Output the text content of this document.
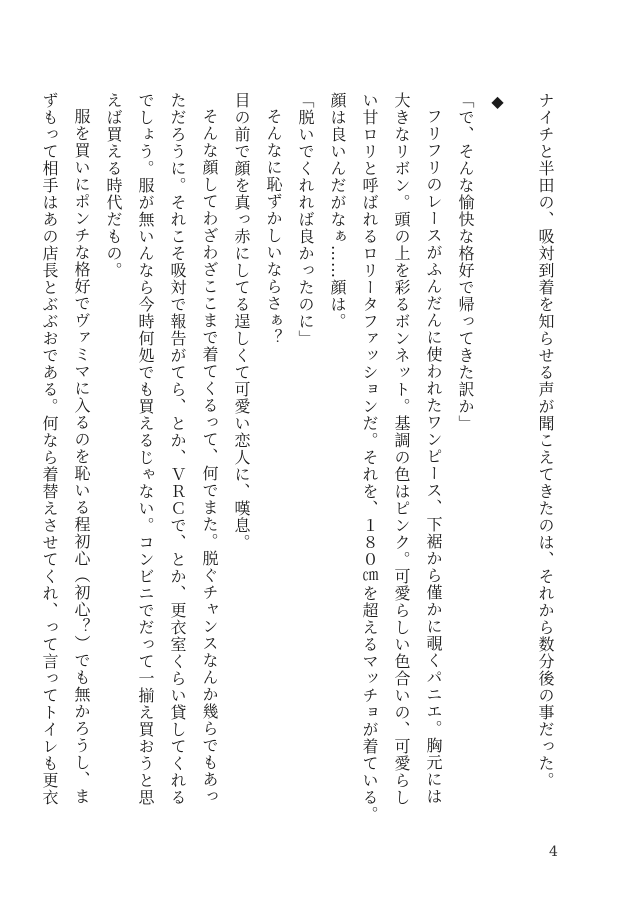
ナイチと半田の、吸対到着を知らせる声が聞こえてきたのは、それから数分後の事だった。
◆
「で、そんな愉快な格好で帰ってきた訳か」
フリフリのレースがふんだんに使われたワンピース、下裾から僅かに覗くパニエ。胸元には
大きなリボン。頭の上を彩るボンネット。基調の色はピンク。可愛らしい色合いの、可愛らし
い甘ロリと呼ばれるロリータファッションだ。それを、１８０㎝を超えるマッチョが着ている。
顔は良いんだがなぁ……顔は。
「脱いでくれれば良かったのに」
そんなに恥ずかしいならさぁ？
目の前で顔を真っ赤にしてる逞しくて可愛い恋人に、嘆息。
そんな顔してわざわざここまで着てくるって、何でまた。脱ぐチャンスなんか幾らでもあっ
ただろうに。それこそ吸対で報告がてら、とか、ＶＲＣで、とか、更衣室くらい貸してくれる
でしょう。服が無いんなら今時何処でも買えるじゃない。コンビニでだって一揃え買おうと思
えば買える時代だもの。
服を買いにポンチな格好でヴァミマに入るのを恥いる程初心（初心？）でも無かろうし、ま
ずもって相手はあの店長とぶぶおである。何なら着替えさせてくれ、って言ってトイレも更衣
4
